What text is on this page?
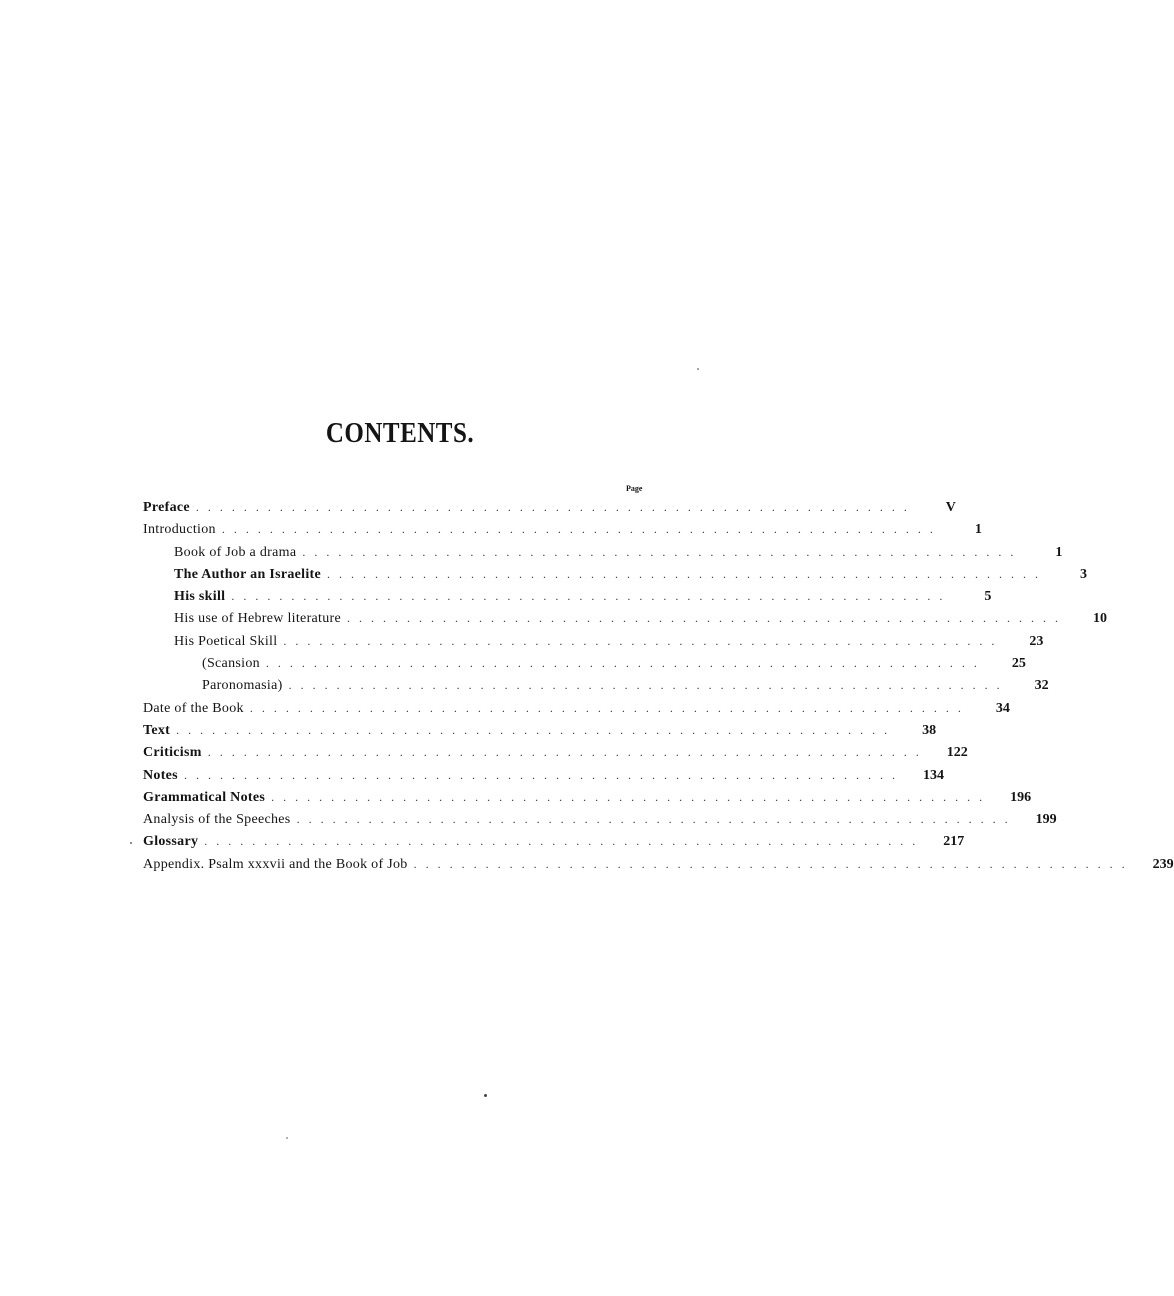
CONTENTS.
Page
Preface ............................................................	V
Introduction ............................................................	1
Book of Job a drama ............................................................	1
The Author an Israelite ............................................................	3
His skill ............................................................	5
His use of Hebrew literature ............................................................	10
His Poetical Skill ............................................................	23
(Scansion ............................................................	25
Paronomasia) ............................................................	32
Date of the Book ............................................................	34
Text ............................................................	38
Criticism ............................................................	122
Notes ............................................................	134
Grammatical Notes ............................................................	196
Analysis of the Speeches ............................................................	199
Glossary ............................................................	217
Appendix. Psalm xxxvii and the Book of Job ............................................................	239
